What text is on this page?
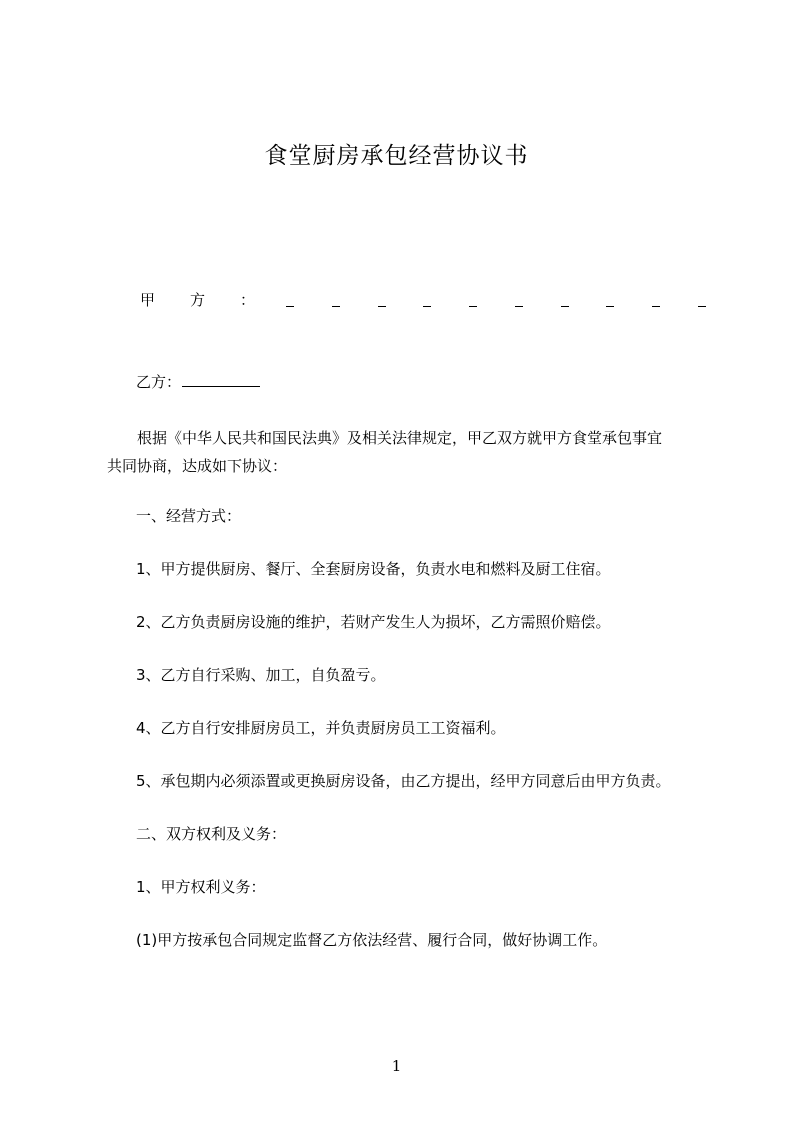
食堂厨房承包经营协议书
甲 方 ：

乙方：

根据《中华人民共和国民法典》及相关法律规定，甲乙双方就甲方食堂承包事宜
共同协商，达成如下协议：

一、经营方式：

1、甲方提供厨房、餐厅、全套厨房设备，负责水电和燃料及厨工住宿。

2、乙方负责厨房设施的维护，若财产发生人为损坏，乙方需照价赔偿。

3、乙方自行采购、加工，自负盈亏。

4、乙方自行安排厨房员工，并负责厨房员工工资福利。

5、承包期内必须添置或更换厨房设备，由乙方提出，经甲方同意后由甲方负责。

二、双方权利及义务：

1、甲方权利义务：

(1)甲方按承包合同规定监督乙方依法经营、履行合同，做好协调工作。

1
